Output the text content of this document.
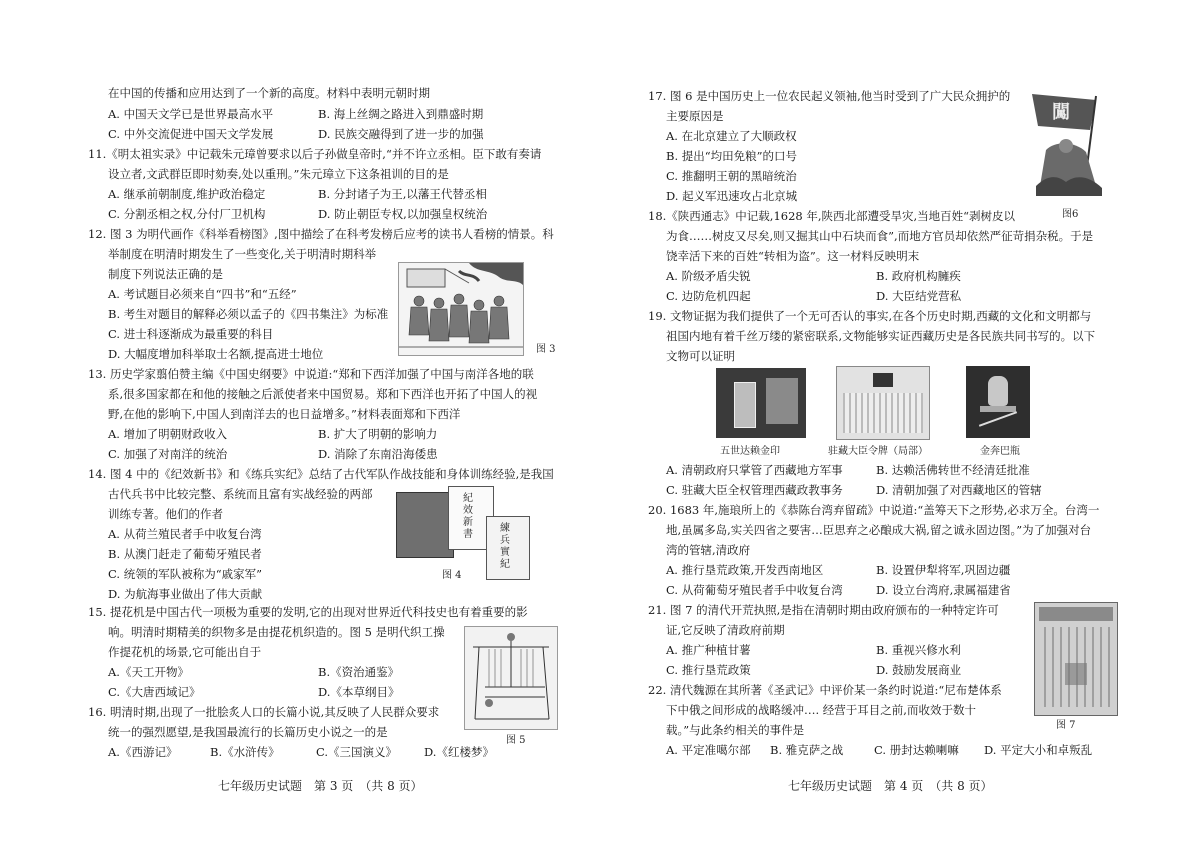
在中国的传播和应用达到了一个新的高度。材料中表明元朝时期
A. 中国天文学已是世界最高水平	B. 海上丝绸之路进入到鼎盛时期
C. 中外交流促进中国天文学发展	D. 民族交融得到了进一步的加强
11.《明太祖实录》中记载朱元璋曾要求以后子孙做皇帝时,“并不许立丞相。臣下敢有奏请
设立者,文武群臣即时劾奏,处以重刑。”朱元璋立下这条祖训的目的是
A. 继承前朝制度,维护政治稳定	B. 分封诸子为王,以藩王代替丞相
C. 分割丞相之权,分付厂卫机构	D. 防止朝臣专权,以加强皇权统治
12. 图 3 为明代画作《科举看榜图》,图中描绘了在科考发榜后应考的读书人看榜的情景。科
举制度在明清时期发生了一些变化,关于明清时期科举
制度下列说法正确的是
A. 考试题目必须来自“四书”和“五经”
B. 考生对题目的解释必须以孟子的《四书集注》为标准
C. 进士科逐渐成为最重要的科目
D. 大幅度增加科举取士名额,提高进士地位	图 3
13. 历史学家翦伯赞主编《中国史纲要》中说道:“郑和下西洋加强了中国与南洋各地的联
系,很多国家都在和他的接触之后派使者来中国贸易。郑和下西洋也开拓了中国人的视
野,在他的影响下,中国人到南洋去的也日益增多。”材料表面郑和下西洋
A. 增加了明朝财政收入	B. 扩大了明朝的影响力
C. 加强了对南洋的统治	D. 消除了东南沿海倭患
14. 图 4 中的《纪效新书》和《练兵实纪》总结了古代军队作战技能和身体训练经验,是我国
古代兵书中比较完整、系统而且富有实战经验的两部
训练专著。他们的作者
A. 从荷兰殖民者手中收复台湾
B. 从澳门赶走了葡萄牙殖民者
C. 统领的军队被称为“戚家军”
D. 为航海事业做出了伟大贡献
紀效新書
練兵實紀
图 4
15. 提花机是中国古代一项极为重要的发明,它的出现对世界近代科技史也有着重要的影
响。明清时期精美的织物多是由提花机织造的。图 5 是明代织工操
作提花机的场景,它可能出自于
A.《天工开物》	B.《资治通鉴》
C.《大唐西域记》	D.《本草纲目》
图 5
16. 明清时期,出现了一批脍炙人口的长篇小说,其反映了人民群众要求
统一的强烈愿望,是我国最流行的长篇历史小说之一的是
A.《西游记》	B.《水浒传》	C.《三国演义》 D.《红楼梦》
七年级历史试题　第 3 页　（共 8 页）
17. 图 6 是中国历史上一位农民起义领袖,他当时受到了广大民众拥护的
主要原因是
A. 在北京建立了大顺政权
B. 提出“均田免粮”的口号
C. 推翻明王朝的黑暗统治
D. 起义军迅速攻占北京城
闖
图6
18.《陕西通志》中记载,1628 年,陕西北部遭受旱灾,当地百姓“剥树皮以
为食……树皮又尽矣,则又掘其山中石块而食”,而地方官员却依然严征苛捐杂税。于是
饶幸活下来的百姓“转相为盗”。这一材料反映明末
A. 阶级矛盾尖锐	B. 政府机构臃疾
C. 边防危机四起	D. 大臣结党营私
19. 文物证据为我们提供了一个无可否认的事实,在各个历史时期,西藏的文化和文明都与
祖国内地有着千丝万缕的紧密联系,文物能够实证西藏历史是各民族共同书写的。以下
文物可以证明
五世达赖金印	驻藏大臣令牌（局部）	金奔巴瓶
A. 清朝政府只掌管了西藏地方军事	B. 达赖活佛转世不经清廷批准
C. 驻藏大臣全权管理西藏政教事务	D. 清朝加强了对西藏地区的管辖
20. 1683 年,施琅所上的《恭陈台湾弃留疏》中说道:“盖筹天下之形势,必求万全。台湾一
地,虽属多岛,实关四省之要害…臣思弃之必酿成大祸,留之诚永固边图。”为了加强对台
湾的管辖,清政府
A. 推行垦荒政策,开发西南地区	B. 设置伊犁将军,巩固边疆
C. 从荷葡萄牙殖民者手中收复台湾	D. 设立台湾府,隶属福建省
21. 图 7 的清代开荒执照,是指在清朝时期由政府颁布的一种特定许可
证,它反映了清政府前期
A. 推广种植甘薯	B. 重视兴修水利
C. 推行垦荒政策	D. 鼓励发展商业
图 7
22. 清代魏源在其所著《圣武记》中评价某一条约时说道:“尼布楚体系
下中俄之间形成的战略缓冲…. 经营于耳目之前,而收效于数十
载。”与此条约相关的事件是
A. 平定准噶尔部 B. 雅克萨之战	C. 册封达赖喇嘛 D. 平定大小和卓叛乱
七年级历史试题　第 4 页　（共 8 页）
